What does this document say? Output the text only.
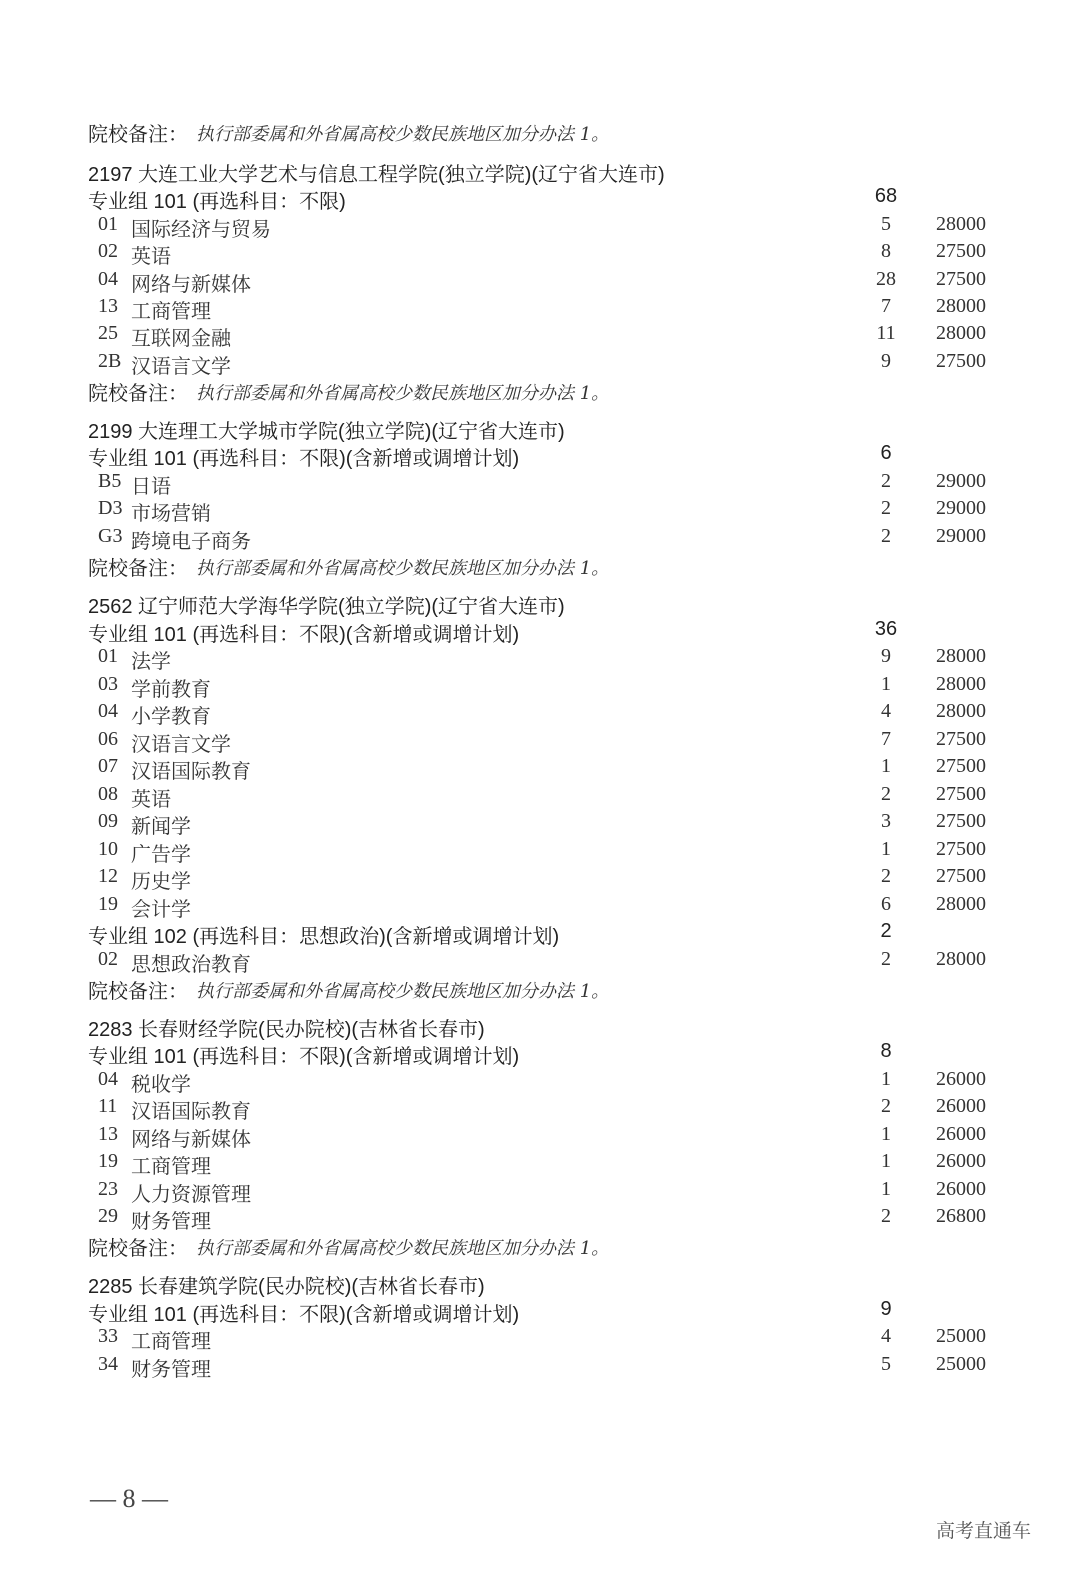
院校备注： 执行部委属和外省属高校少数民族地区加分办法 1。
2197 大连工业大学艺术与信息工程学院(独立学院)(辽宁省大连市)
专业组 101 (再选科目：不限)	68
01 国际经济与贸易	5	28000
02 英语	8	27500
04 网络与新媒体	28	27500
13 工商管理	7	28000
25 互联网金融	11	28000
2B 汉语言文学	9	27500
院校备注： 执行部委属和外省属高校少数民族地区加分办法 1。
2199 大连理工大学城市学院(独立学院)(辽宁省大连市)
专业组 101 (再选科目：不限)(含新增或调增计划)	6
B5 日语	2	29000
D3 市场营销	2	29000
G3 跨境电子商务	2	29000
院校备注： 执行部委属和外省属高校少数民族地区加分办法 1。
2562 辽宁师范大学海华学院(独立学院)(辽宁省大连市)
专业组 101 (再选科目：不限)(含新增或调增计划)	36
01 法学	9	28000
03 学前教育	1	28000
04 小学教育	4	28000
06 汉语言文学	7	27500
07 汉语国际教育	1	27500
08 英语	2	27500
09 新闻学	3	27500
10 广告学	1	27500
12 历史学	2	27500
19 会计学	6	28000
专业组 102 (再选科目：思想政治)(含新增或调增计划)	2
02 思想政治教育	2	28000
院校备注： 执行部委属和外省属高校少数民族地区加分办法 1。
2283 长春财经学院(民办院校)(吉林省长春市)
专业组 101 (再选科目：不限)(含新增或调增计划)	8
04 税收学	1	26000
11 汉语国际教育	2	26000
13 网络与新媒体	1	26000
19 工商管理	1	26000
23 人力资源管理	1	26000
29 财务管理	2	26800
院校备注： 执行部委属和外省属高校少数民族地区加分办法 1。
2285 长春建筑学院(民办院校)(吉林省长春市)
专业组 101 (再选科目：不限)(含新增或调增计划)	9
33 工商管理	4	25000
34 财务管理	5	25000
— 8 —
高考直通车
